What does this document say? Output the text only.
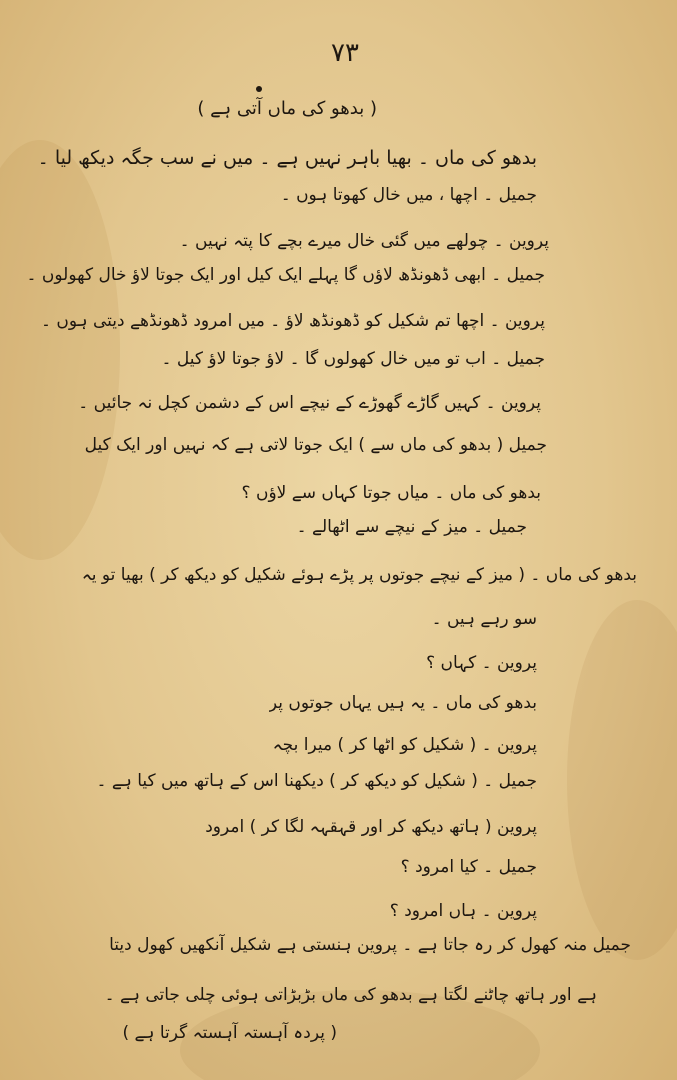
۷۳
( بدھو کی ماں آتی ہے )
بدھو کی ماں ۔ بھیا باہر نہیں ہے ۔ میں نے سب جگہ دیکھ لیا ۔
جمیل ۔ اچھا ، میں خال کھوتا ہوں ۔
پروین ۔ چولھے میں گئی خال میرے بچے کا پتہ نہیں ۔
جمیل ۔ ابھی ڈھونڈھ لاؤں گا پہلے ایک کیل اور ایک جوتا لاؤ خال کھولوں ۔
پروین ۔ اچھا تم شکیل کو ڈھونڈھ لاؤ ۔ میں امرود ڈھونڈھے دیتی ہوں ۔
جمیل ۔ اب تو میں خال کھولوں گا ۔ لاؤ جوتا لاؤ کیل ۔
پروین ۔ کہیں گاڑے گھوڑے کے نیچے اس کے دشمن کچل نہ جائیں ۔
جمیل ( بدھو کی ماں سے ) ایک جوتا لاتی ہے کہ نہیں اور ایک کیل
بدھو کی ماں ۔ میاں جوتا کہاں سے لاؤں ؟
جمیل ۔ میز کے نیچے سے اٹھالے ۔
بدھو کی ماں ۔ ( میز کے نیچے جوتوں پر پڑے ہوئے شکیل کو دیکھ کر ) بھیا تو یہ
سو رہے ہیں ۔
پروین ۔ کہاں ؟
بدھو کی ماں ۔ یہ ہیں یہاں جوتوں پر
پروین ۔ ( شکیل کو اٹھا کر ) میرا بچہ
جمیل ۔ ( شکیل کو دیکھ کر ) دیکھنا اس کے ہاتھ میں کیا ہے ۔
پروین ( ہاتھ دیکھ کر اور قہقہہ لگا کر ) امرود
جمیل ۔ کیا امرود ؟
پروین ۔ ہاں امرود ؟
جمیل منہ کھول کر رہ جاتا ہے ۔ پروین ہنستی ہے شکیل آنکھیں کھول دیتا
ہے اور ہاتھ چاٹنے لگتا ہے بدھو کی ماں بڑبڑاتی ہوئی چلی جاتی ہے ۔
( پردہ آہستہ آہستہ گرتا ہے )
